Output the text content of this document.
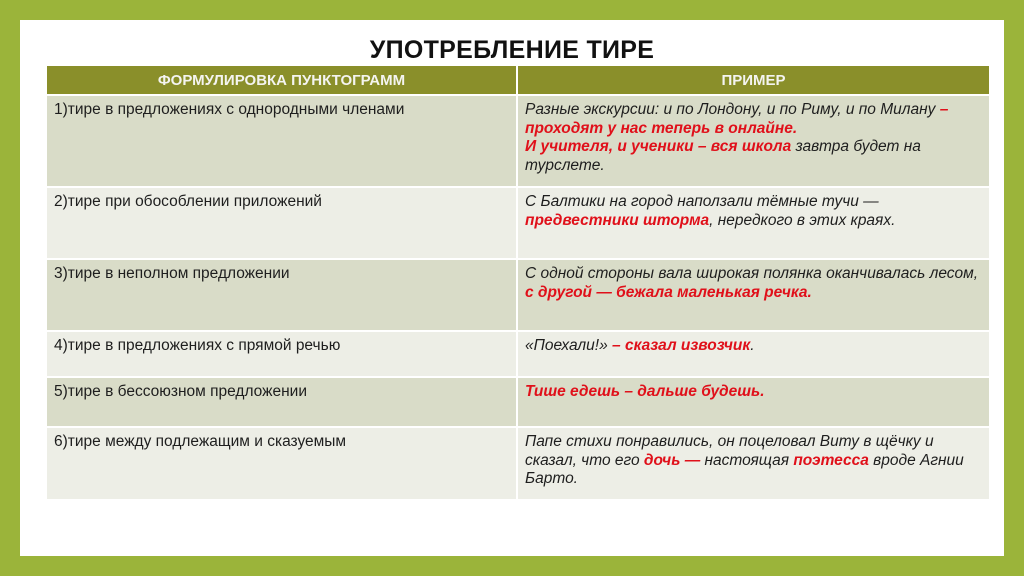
УПОТРЕБЛЕНИЕ ТИРЕ
ФОРМУЛИРОВКА ПУНКТОГРАММ	ПРИМЕР
1)тире в предложениях с однородными членами	Разные экскурсии: и по Лондону, и по Риму, и по Милану – проходят у нас теперь в онлайне.
И учителя, и ученики – вся школа завтра будет на турслете.
2)тире при обособлении приложений	С Балтики на город наползали тёмные тучи — предвестники шторма, нередкого в этих краях.
3)тире в неполном предложении	С одной стороны вала широкая полянка оканчивалась лесом, с другой — бежала маленькая речка.
4)тире в предложениях с прямой речью	«Поехали!» – сказал извозчик.
5)тире в бессоюзном предложении	Тише едешь – дальше будешь.
6)тире между подлежащим и сказуемым	Папе стихи понравились, он поцеловал Виту в щёчку и сказал, что его дочь — настоящая поэтесса вроде Агнии Барто.
